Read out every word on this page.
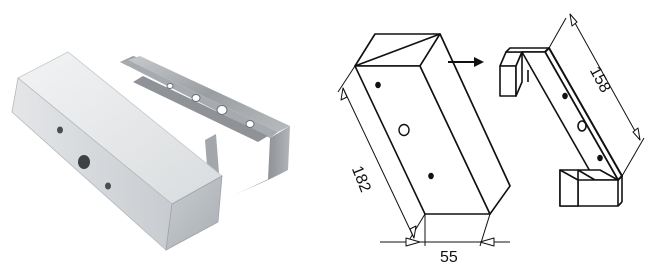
182
55
158
